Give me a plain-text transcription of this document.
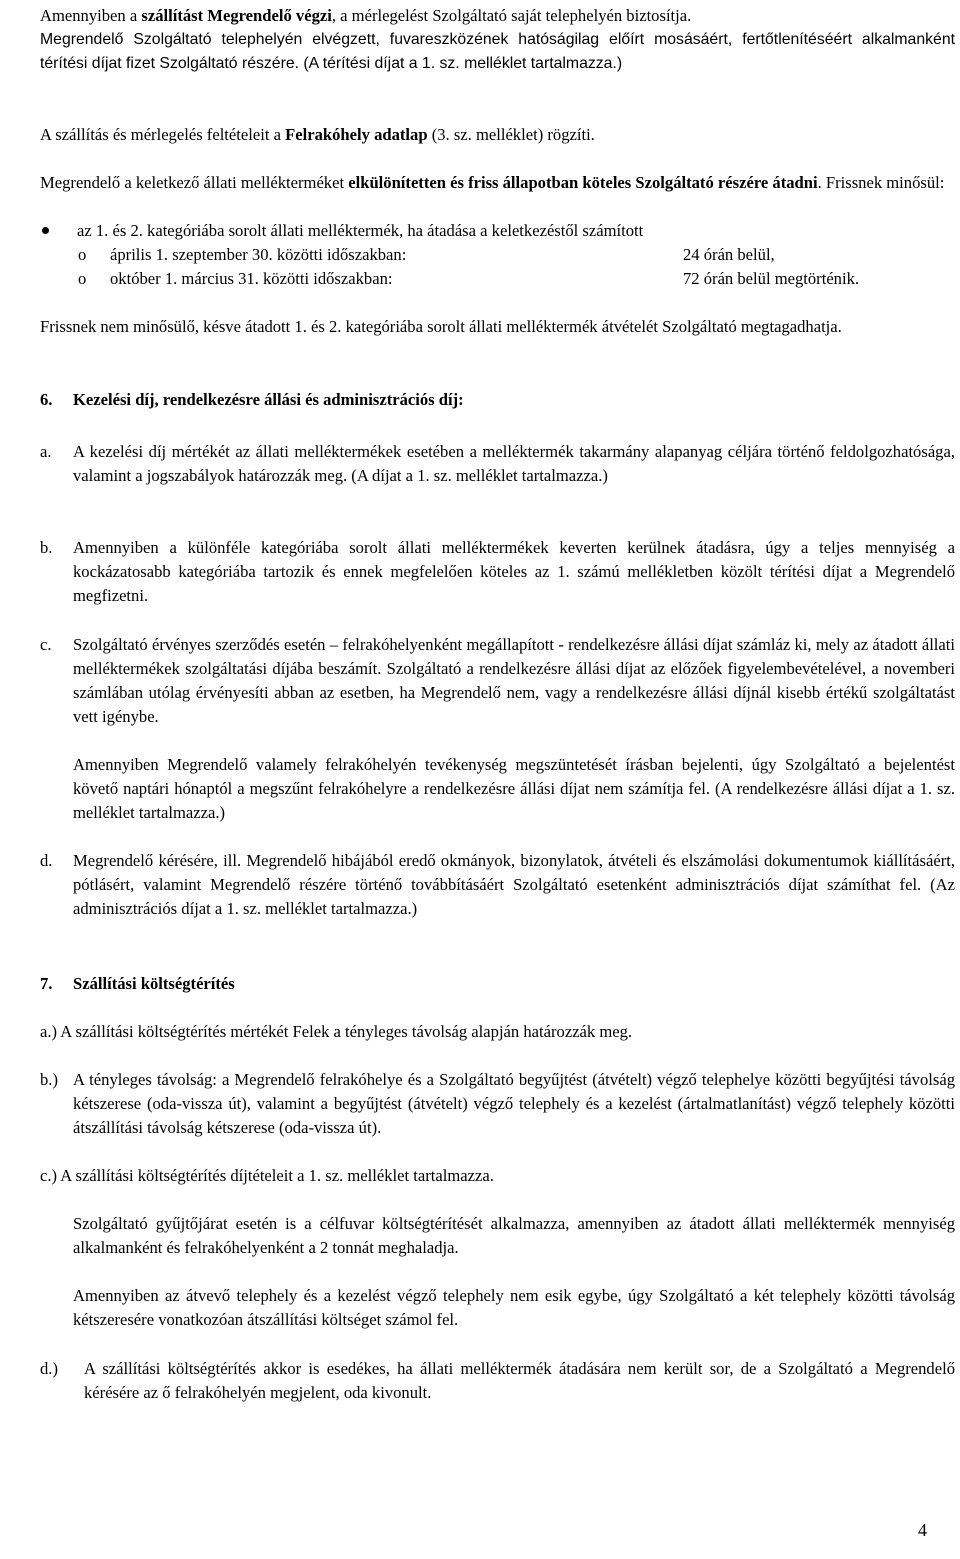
Amennyiben a szállítást Megrendelő végzi, a mérlegelést Szolgáltató saját telephelyén biztosítja.

Megrendelő Szolgáltató telephelyén elvégzett, fuvareszközének hatóságilag előírt mosásáért, fertőtlenítéséért alkalmanként térítési díjat fizet Szolgáltató részére. (A térítési díjat a 1. sz. melléklet tartalmazza.)

A szállítás és mérlegelés feltételeit a Felrakóhely adatlap (3. sz. melléklet) rögzíti.

Megrendelő a keletkező állati mellékterméket elkülönítetten és friss állapotban köteles Szolgáltató részére átadni. Frissnek minősül:

az 1. és 2. kategóriába sorolt állati melléktermék, ha átadása a keletkezéstől számított

o április 1. szeptember 30. közötti időszakban:	24 órán belül,
o október 1. március 31. közötti időszakban:	72 órán belül megtörténik.

Frissnek nem minősülő, késve átadott 1. és 2. kategóriába sorolt állati melléktermék átvételét Szolgáltató megtagadhatja.

6. Kezelési díj, rendelkezésre állási és adminisztrációs díj:
a. A kezelési díj mértékét az állati melléktermékek esetében a melléktermék takarmány alapanyag céljára történő feldolgozhatósága, valamint a jogszabályok határozzák meg. (A díjat a 1. sz. melléklet tartalmazza.)

b. Amennyiben a különféle kategóriába sorolt állati melléktermékek keverten kerülnek átadásra, úgy a teljes mennyiség a kockázatosabb kategóriába tartozik és ennek megfelelően köteles az 1. számú mellékletben közölt térítési díjat a Megrendelő megfizetni.

c. Szolgáltató érvényes szerződés esetén – felrakóhelyenként megállapított - rendelkezésre állási díjat számláz ki, mely az átadott állati melléktermékek szolgáltatási díjába beszámít. Szolgáltató a rendelkezésre állási díjat az előzőek figyelembevételével, a novemberi számlában utólag érvényesíti abban az esetben, ha Megrendelő nem, vagy a rendelkezésre állási díjnál kisebb értékű szolgáltatást vett igénybe.

Amennyiben Megrendelő valamely felrakóhelyén tevékenység megszüntetését írásban bejelenti, úgy Szolgáltató a bejelentést követő naptári hónaptól a megszűnt felrakóhelyre a rendelkezésre állási díjat nem számítja fel. (A rendelkezésre állási díjat a 1. sz. melléklet tartalmazza.)

d. Megrendelő kérésére, ill. Megrendelő hibájából eredő okmányok, bizonylatok, átvételi és elszámolási dokumentumok kiállításáért, pótlásért, valamint Megrendelő részére történő továbbításáért Szolgáltató esetenként adminisztrációs díjat számíthat fel. (Az adminisztrációs díjat a 1. sz. melléklet tartalmazza.)

7. Szállítási költségtérítés

a.) A szállítási költségtérítés mértékét Felek a tényleges távolság alapján határozzák meg.

b.) A tényleges távolság: a Megrendelő felrakóhelye és a Szolgáltató begyűjtést (átvételt) végző telephelye közötti begyűjtési távolság kétszerese (oda-vissza út), valamint a begyűjtést (átvételt) végző telephely és a kezelést (ártalmatlanítást) végző telephely közötti átszállítási távolság kétszerese (oda-vissza út).

c.) A szállítási költségtérítés díjtételeit a 1. sz. melléklet tartalmazza.

Szolgáltató gyűjtőjárat esetén is a célfuvar költségtérítését alkalmazza, amennyiben az átadott állati melléktermék mennyiség alkalmanként és felrakóhelyenként a 2 tonnát meghaladja.

Amennyiben az átvevő telephely és a kezelést végző telephely nem esik egybe, úgy Szolgáltató a két telephely közötti távolság kétszeresére vonatkozóan átszállítási költséget számol fel.

d.) A szállítási költségtérítés akkor is esedékes, ha állati melléktermék átadására nem került sor, de a Szolgáltató a Megrendelő kérésére az ő felrakóhelyén megjelent, oda kivonult.

4
